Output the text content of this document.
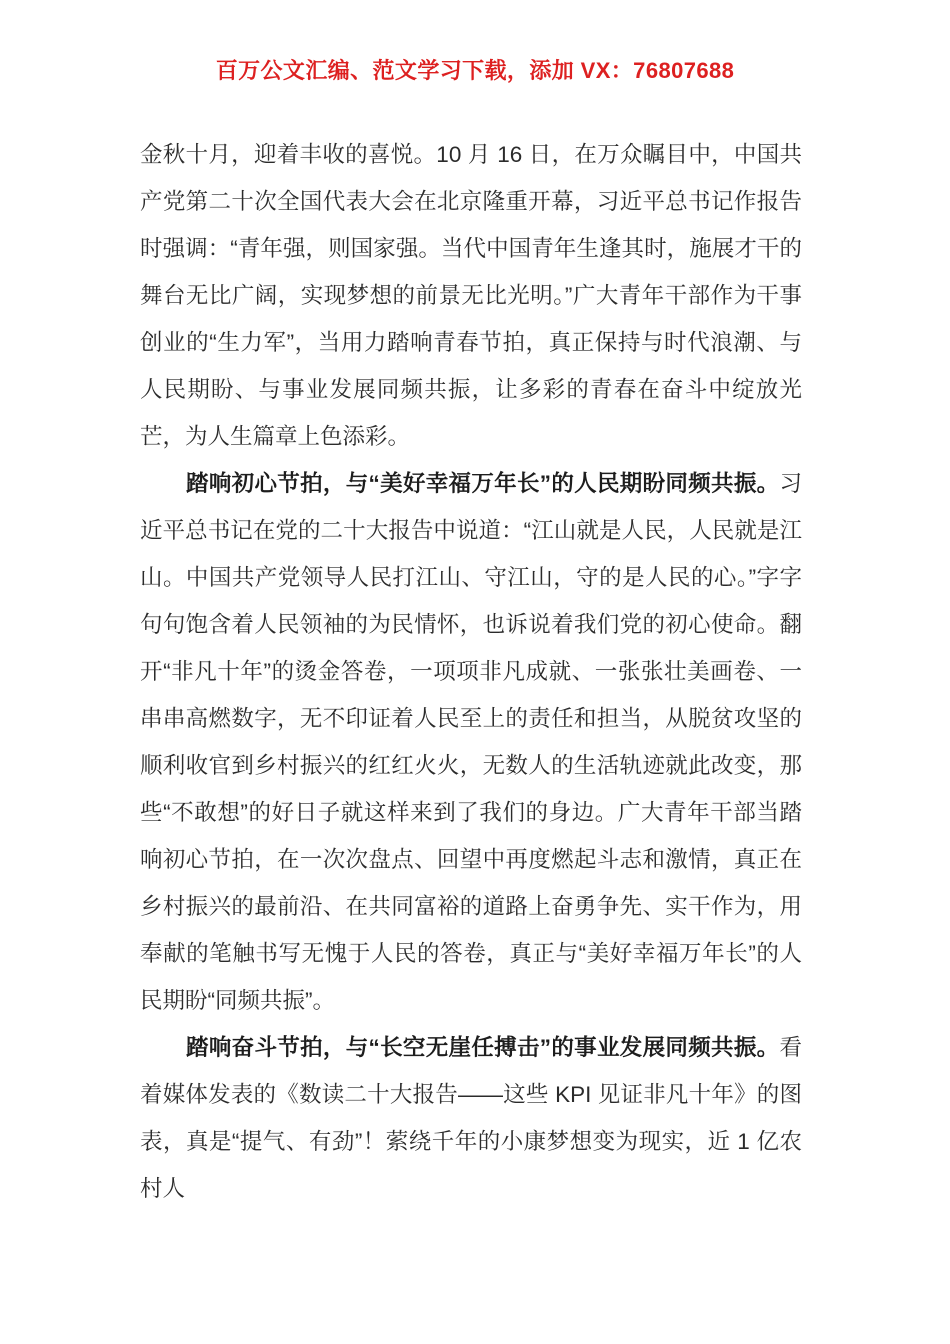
百万公文汇编、范文学习下载，添加 VX：76807688

金秋十月，迎着丰收的喜悦。10 月 16 日，在万众瞩目中，中国共产党第二十次全国代表大会在北京隆重开幕，习近平总书记作报告时强调：“青年强，则国家强。当代中国青年生逢其时，施展才干的舞台无比广阔，实现梦想的前景无比光明。”广大青年干部作为干事创业的“生力军”，当用力踏响青春节拍，真正保持与时代浪潮、与人民期盼、与事业发展同频共振，让多彩的青春在奋斗中绽放光芒，为人生篇章上色添彩。

踏响初心节拍，与“美好幸福万年长”的人民期盼同频共振。习近平总书记在党的二十大报告中说道：“江山就是人民，人民就是江山。中国共产党领导人民打江山、守江山，守的是人民的心。”字字句句饱含着人民领袖的为民情怀，也诉说着我们党的初心使命。翻开“非凡十年”的烫金答卷，一项项非凡成就、一张张壮美画卷、一串串高燃数字，无不印证着人民至上的责任和担当，从脱贫攻坚的顺利收官到乡村振兴的红红火火，无数人的生活轨迹就此改变，那些“不敢想”的好日子就这样来到了我们的身边。广大青年干部当踏响初心节拍，在一次次盘点、回望中再度燃起斗志和激情，真正在乡村振兴的最前沿、在共同富裕的道路上奋勇争先、实干作为，用奉献的笔触书写无愧于人民的答卷，真正与“美好幸福万年长”的人民期盼“同频共振”。

踏响奋斗节拍，与“长空无崖任搏击”的事业发展同频共振。看着媒体发表的《数读二十大报告——这些 KPI 见证非凡十年》的图表，真是“提气、有劲”！萦绕千年的小康梦想变为现实，近 1 亿农村人
